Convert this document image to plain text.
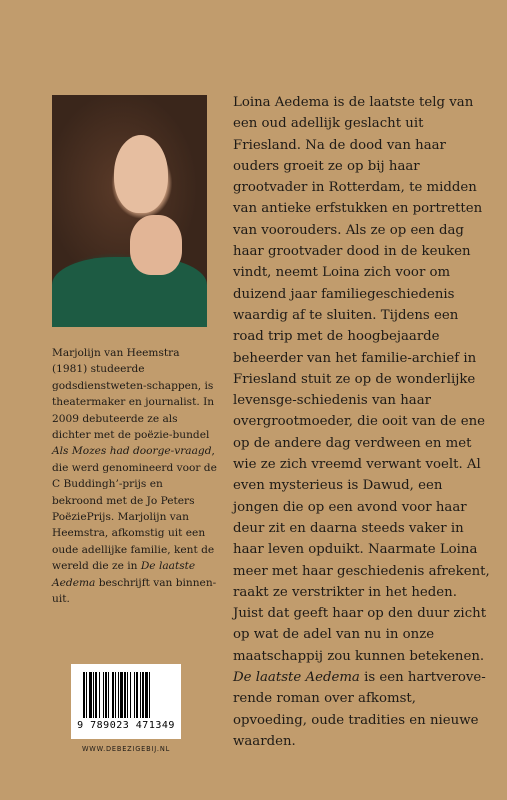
Marjolijn van Heemstra (1981) studeerde godsdienstweten-schappen, is theatermaker en journalist. In 2009 debuteerde ze als dichter met de poëzie-bundel Als Mozes had doorge-vraagd, die werd genomineerd voor de C Buddingh’-prijs en bekroond met de Jo Peters PoëziePrijs. Marjolijn van Heemstra, afkomstig uit een oude adellijke familie, kent de wereld die ze in De laatste Aedema beschrijft van binnen-uit.
Loina Aedema is de laatste telg van een oud adellijk geslacht uit Friesland. Na de dood van haar ouders groeit ze op bij haar grootvader in Rotterdam, te midden van antieke erfstukken en portretten van voorouders. Als ze op een dag haar grootvader dood in de keuken vindt, neemt Loina zich voor om duizend jaar familiegeschiedenis waardig af te sluiten. Tijdens een road trip met de hoogbejaarde beheerder van het familie-archief in Friesland stuit ze op de wonderlijke levensge-schiedenis van haar overgrootmoeder, die ooit van de ene op de andere dag verdween en met wie ze zich vreemd verwant voelt. Al even mysterieus is Dawud, een jongen die op een avond voor haar deur zit en daarna steeds vaker in haar leven opduikt. Naarmate Loina meer met haar geschiedenis afrekent, raakt ze verstrikter in het heden. Juist dat geeft haar op den duur zicht op wat de adel van nu in onze maatschappij zou kunnen betekenen. De laatste Aedema is een hartverove-rende roman over afkomst, opvoeding, oude tradities en nieuwe waarden.
9 789023 471349
WWW.DEBEZIGEBIJ.NL
